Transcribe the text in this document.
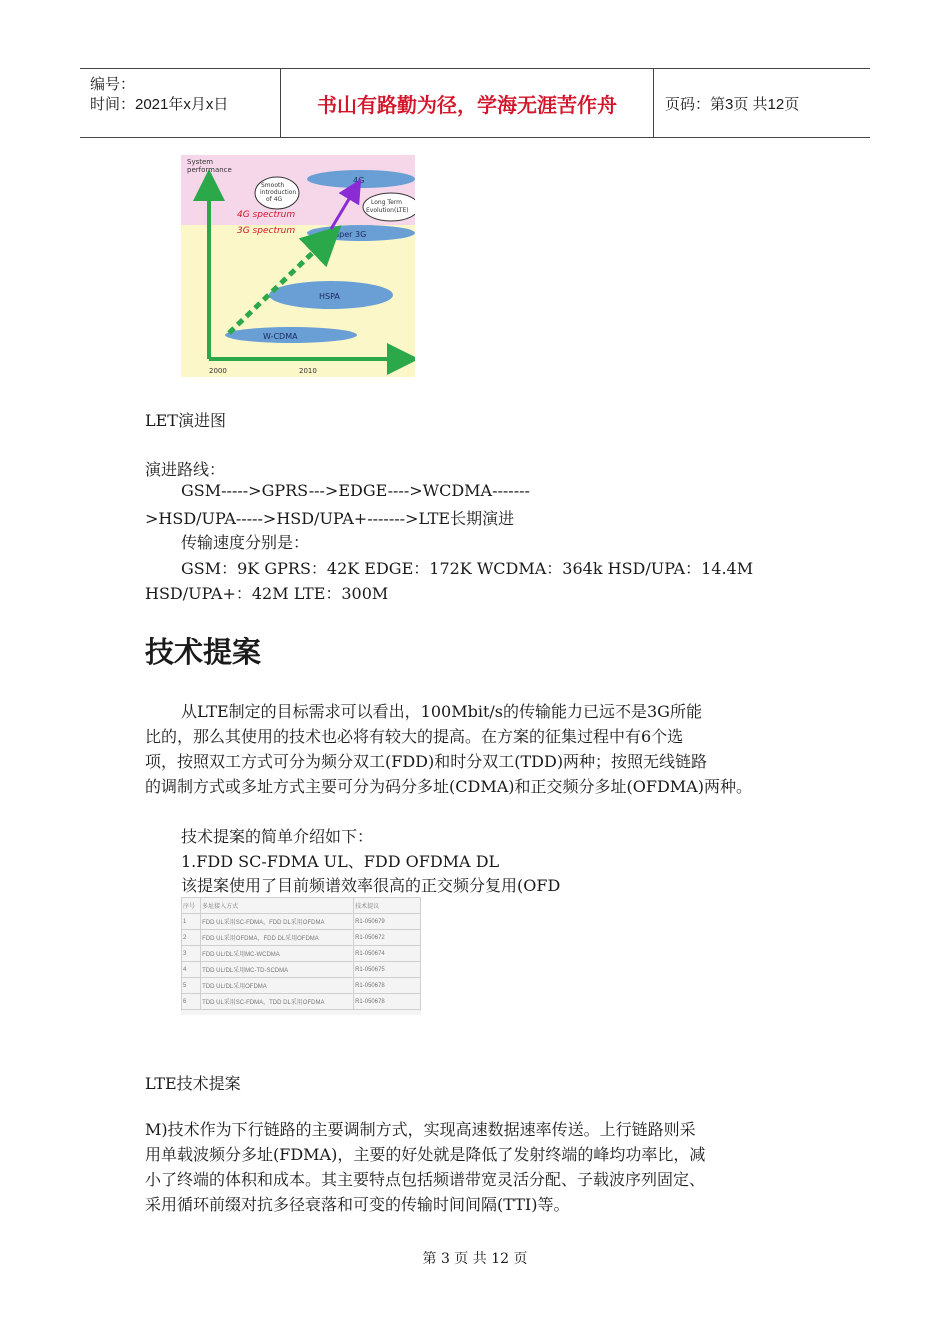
编号：
时间：2021年x月x日	书山有路勤为径，学海无涯苦作舟	页码：第3页 共12页
System
performance
4G
Super 3G
HSPA
W-CDMA
4G spectrum
3G spectrum
Smooth
introduction
of 4G	Long Term
Evolution(LTE)
2000	2010
LET演进图
演进路线：
GSM----->GPRS--->EDGE---->WCDMA-------
>HSD/UPA----->HSD/UPA+------->LTE长期演进
传输速度分别是：
GSM：9K GPRS：42K EDGE：172K WCDMA：364k HSD/UPA：14.4M
HSD/UPA+：42M LTE：300M
技术提案
从LTE制定的目标需求可以看出，100Mbit/s的传输能力已远不是3G所能
比的，那么其使用的技术也必将有较大的提高。在方案的征集过程中有6个选
项，按照双工方式可分为频分双工(FDD)和时分双工(TDD)两种；按照无线链路
的调制方式或多址方式主要可分为码分多址(CDMA)和正交频分多址(OFDMA)两种。
技术提案的简单介绍如下：
1.FDD SC-FDMA UL、FDD OFDMA DL
该提案使用了目前频谱效率很高的正交频分复用(OFD
序号	多址接入方式	技术提议
1	FDD UL采用SC-FDMA，FDD DL采用OFDMA	R1-050679
2	FDD UL采用OFDMA，FDD DL采用OFDMA	R1-050672
3	FDD UL/DL采用MC-WCDMA	R1-050674
4	TDD UL/DL采用MC-TD-SCDMA	R1-050675
5	TDD UL/DL采用OFDMA	R1-050678
6	TDD UL采用SC-FDMA，TDD DL采用OFDMA	R1-050678
LTE技术提案
M)技术作为下行链路的主要调制方式，实现高速数据速率传送。上行链路则采
用单载波频分多址(FDMA)，主要的好处就是降低了发射终端的峰均功率比，减
小了终端的体积和成本。其主要特点包括频谱带宽灵活分配、子载波序列固定、
采用循环前缀对抗多径衰落和可变的传输时间间隔(TTI)等。
第 3 页 共 12 页
